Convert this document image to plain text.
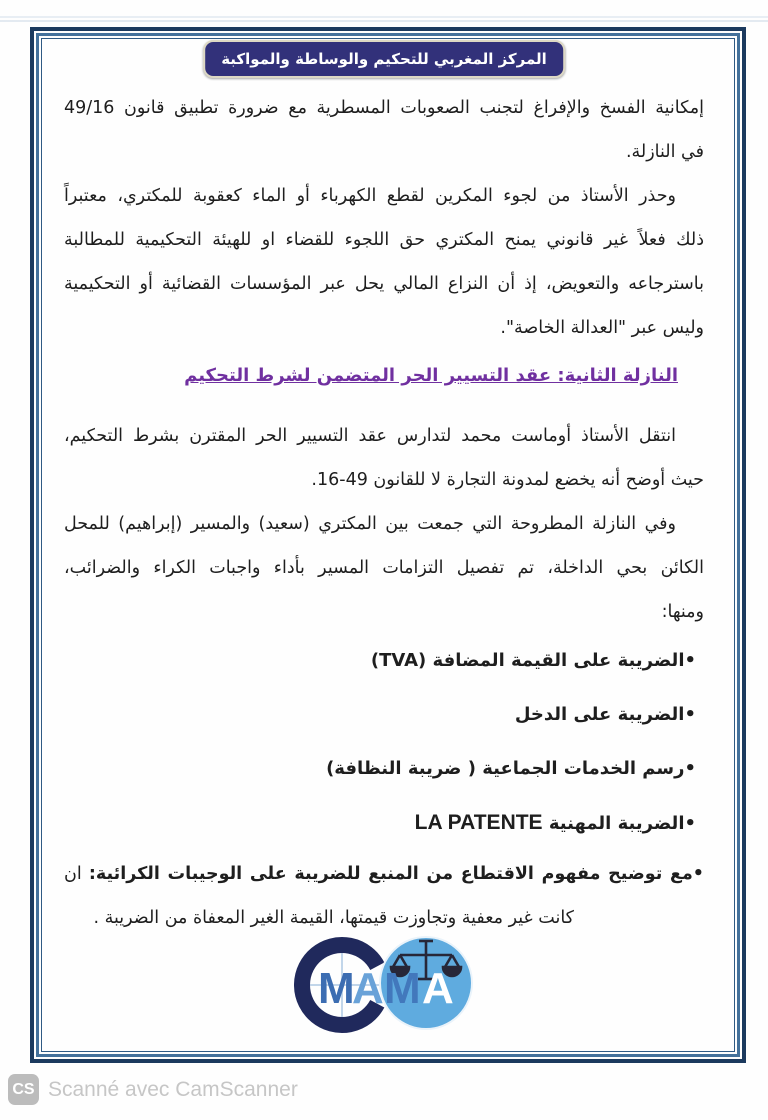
المركز المغربي للتحكيم والوساطة والمواكبة
إمكانية الفسخ والإفراغ لتجنب الصعوبات المسطرية مع ضرورة تطبيق قانون 49/16
في النازلة.
وحذر الأستاذ من لجوء المكرين لقطع الكهرباء أو الماء كعقوبة للمكتري، معتبراً
ذلك فعلاً غير قانوني يمنح المكتري حق اللجوء للقضاء او للهيئة التحكيمية للمطالبة
باسترجاعه والتعويض، إذ أن النزاع المالي يحل عبر المؤسسات القضائية أو التحكيمية
وليس عبر "العدالة الخاصة".
النازلة الثانية: عقد التسيير الحر المتضمن لشرط التحكيم
انتقل الأستاذ أوماست محمد لتدارس عقد التسيير الحر المقترن بشرط التحكيم،
حيث أوضح أنه يخضع لمدونة التجارة لا للقانون 49-16.
وفي النازلة المطروحة التي جمعت بين المكتري (سعيد) والمسير (إبراهيم) للمحل
الكائن بحي الداخلة، تم تفصيل التزامات المسير بأداء واجبات الكراء والضرائب،
ومنها:
•الضريبة على القيمة المضافة (TVA)
•الضريبة على الدخل
•رسم الخدمات الجماعية ( ضريبة النظافة)
•الضريبة المهنية LA PATENTE
•مع توضيح مفهوم الاقتطاع من المنبع للضريبة على الوجيبات الكرائية: ان
كانت غير معفية وتجاوزت قيمتها، القيمة الغير المعفاة من الضريبة .
M
A M A
CS Scanné avec CamScanner
